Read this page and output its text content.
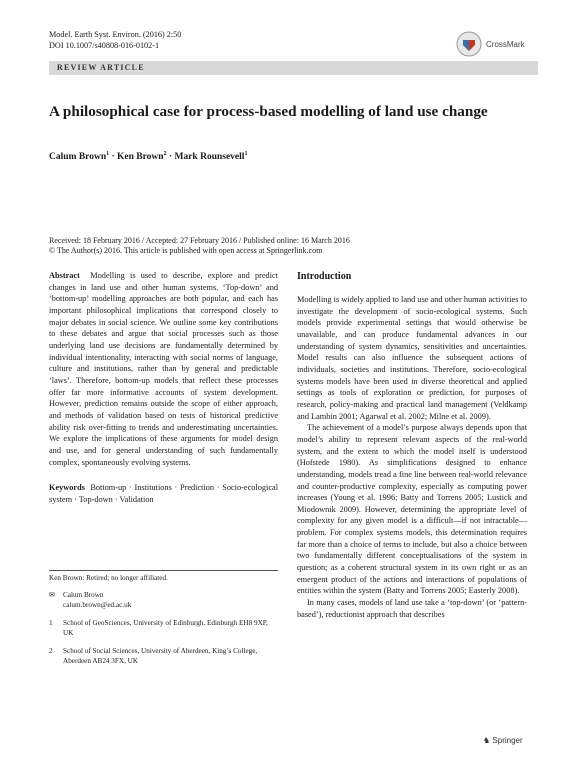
Model. Earth Syst. Environ. (2016) 2:50
DOI 10.1007/s40808-016-0102-1	CrossMark
REVIEW ARTICLE
A philosophical case for process-based modelling of land use change
Calum Brown$^1$ · Ken Brown$^2$ · Mark Rounsevell$^1$
Received: 18 February 2016 / Accepted: 27 February 2016 / Published online: 16 March 2016
© The Author(s) 2016. This article is published with open access at Springerlink.com

Abstract Modelling is used to describe, explore and predict changes in land use and other human systems. ‘Top-down’ and ‘bottom-up’ modelling approaches are both popular, and each has important philosophical implications that correspond closely to major debates in social science. We outline some key contributions to these debates and argue that social processes such as those underlying land use decisions are fundamentally determined by individual intentionality, interacting with social norms of language, culture and institutions, rather than by general and predictable ‘laws’. Therefore, bottom-up models that reflect these processes offer far more informative accounts of system development. However, prediction remains outside the scope of either approach, and methods of validation based on tests of historical predictive ability risk over-fitting to trends and underestimating uncertainties. We explore the implications of these arguments for model design and use, and for general understanding of such fundamentally complex, spontaneously evolving systems.

Keywords Bottom-up · Institutions · Prediction · Socio-ecological system · Top-down · Validation

Ken Brown: Retired; no longer affiliated.
✉	Calum Brown
calum.brown@ed.ac.uk
1	School of GeoSciences, University of Edinburgh, Edinburgh EH8 9XP, UK
2	School of Social Sciences, University of Aberdeen, King’s College, Aberdeen AB24 3FX, UK

Introduction

Modelling is widely applied to land use and other human activities to investigate the development of socio-ecological systems. Such models provide experimental settings that would otherwise be unavailable, and can produce fundamental advances in our understanding of system dynamics, sensitivities and uncertainties. Model results can also influence the subsequent actions of individuals, societies and institutions. Therefore, socio-ecological systems models have been used in diverse theoretical and applied settings as tools of exploration or prediction, for purposes of research, policy-making and practical land management (Veldkamp and Lambin 2001; Agarwal et al. 2002; Milne et al. 2009).

The achievement of a model’s purpose always depends upon that model’s ability to represent relevant aspects of the real-world system, and the extent to which the model itself is understood (Hofstede 1980). As simplifications designed to enhance understanding, models tread a fine line between real-world relevance and counter-productive complexity, especially as computing power increases (Young et al. 1996; Batty and Torrens 2005; Lustick and Miodownik 2009). However, determining the appropriate level of complexity for any given model is a difficult—if not intractable—problem. For complex systems models, this determination requires far more than a choice of terms to include, but also a choice between two fundamentally different conceptualisations of the system in question; as a coherent structural system in its own right or as an emergent product of the actions and interactions of populations of entities within the system (Batty and Torrens 2005; Easterly 2008).

In many cases, models of land use take a ‘top-down’ (or ‘pattern-based’), reductionist approach that describes

♞ Springer
